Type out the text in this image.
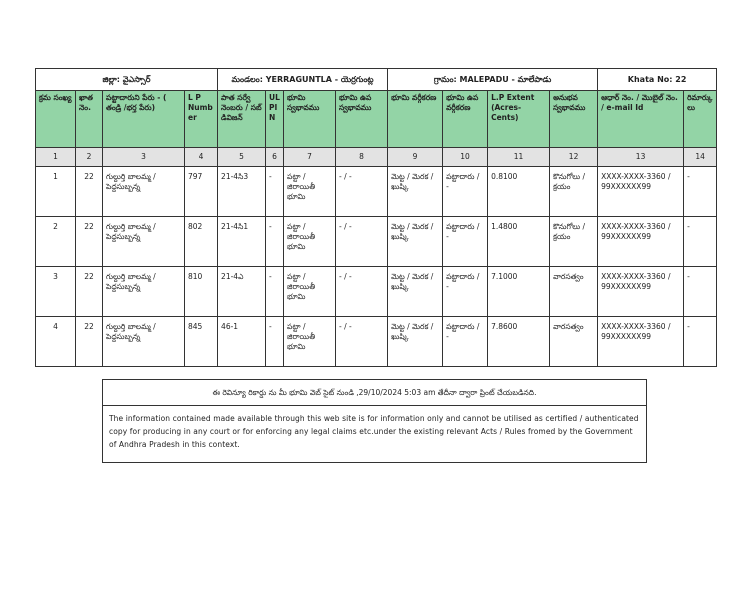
జిల్లా: వైఎస్సార్				మండలం: YERRAGUNTLA - యెర్రగుంట్ల				గ్రామం: MALEPADU - మాలేపాడు				Khata No: 22	
క్రమ సంఖ్య	ఖాత నెం.	పట్టాదారుని పేరు - ( తండ్రి /భర్త పేరు)	L P Number	పాత సర్వే నెంబరు / సబ్ డివిజన్	ULPIN	భూమి స్వభావము	భూమి ఉప స్వభావము	భూమి వర్గీకరణ	భూమి ఉప వర్గీకరణ	L.P Extent (Acres-Cents)	అనుభవ స్వభావము	ఆధార్ నెం. / మొబైల్ నెం. / e-mail Id	రిమార్కులు
1	2	3	4	5	6	7	8	9	10	11	12	13	14
1	22	గుల్దుర్తి బాలమ్మ / పెద్దసుబ్బన్న	797	21-4సి3	-	పట్టా / జిరాయితీ భూమి	- / -	మెట్ట / మెరక / ఖుష్కి	పట్టాదారు / -	0.8100	కొనుగోలు / క్రయం	XXXX-XXXX-3360 / 99XXXXXX99	-
2	22	గుల్దుర్తి బాలమ్మ / పెద్దసుబ్బన్న	802	21-4సి1	-	పట్టా / జిరాయితీ భూమి	- / -	మెట్ట / మెరక / ఖుష్కి	పట్టాదారు / -	1.4800	కొనుగోలు / క్రయం	XXXX-XXXX-3360 / 99XXXXXX99	-
3	22	గుల్దుర్తి బాలమ్మ / పెద్దసుబ్బన్న	810	21-4ఎ	-	పట్టా / జిరాయితీ భూమి	- / -	మెట్ట / మెరక / ఖుష్కి	పట్టాదారు / -	7.1000	వారసత్వం	XXXX-XXXX-3360 / 99XXXXXX99	-
4	22	గుల్దుర్తి బాలమ్మ / పెద్దసుబ్బన్న	845	46-1	-	పట్టా / జిరాయితీ భూమి	- / -	మెట్ట / మెరక / ఖుష్కి	పట్టాదారు / -	7.8600	వారసత్వం	XXXX-XXXX-3360 / 99XXXXXX99	-
ఈ రెవిన్యూ రికార్డు ను మీ భూమి వెబ్ సైట్ నుండి ,29/10/2024 5:03 am తేదీనా ద్వారా ప్రింట్ చేయబడినది.
The information contained made available through this web site is for information only and cannot be utilised as certified / authenticated copy for producing in any court or for enforcing any legal claims etc.under the existing relevant Acts / Rules fromed by the Government of Andhra Pradesh in this context.
